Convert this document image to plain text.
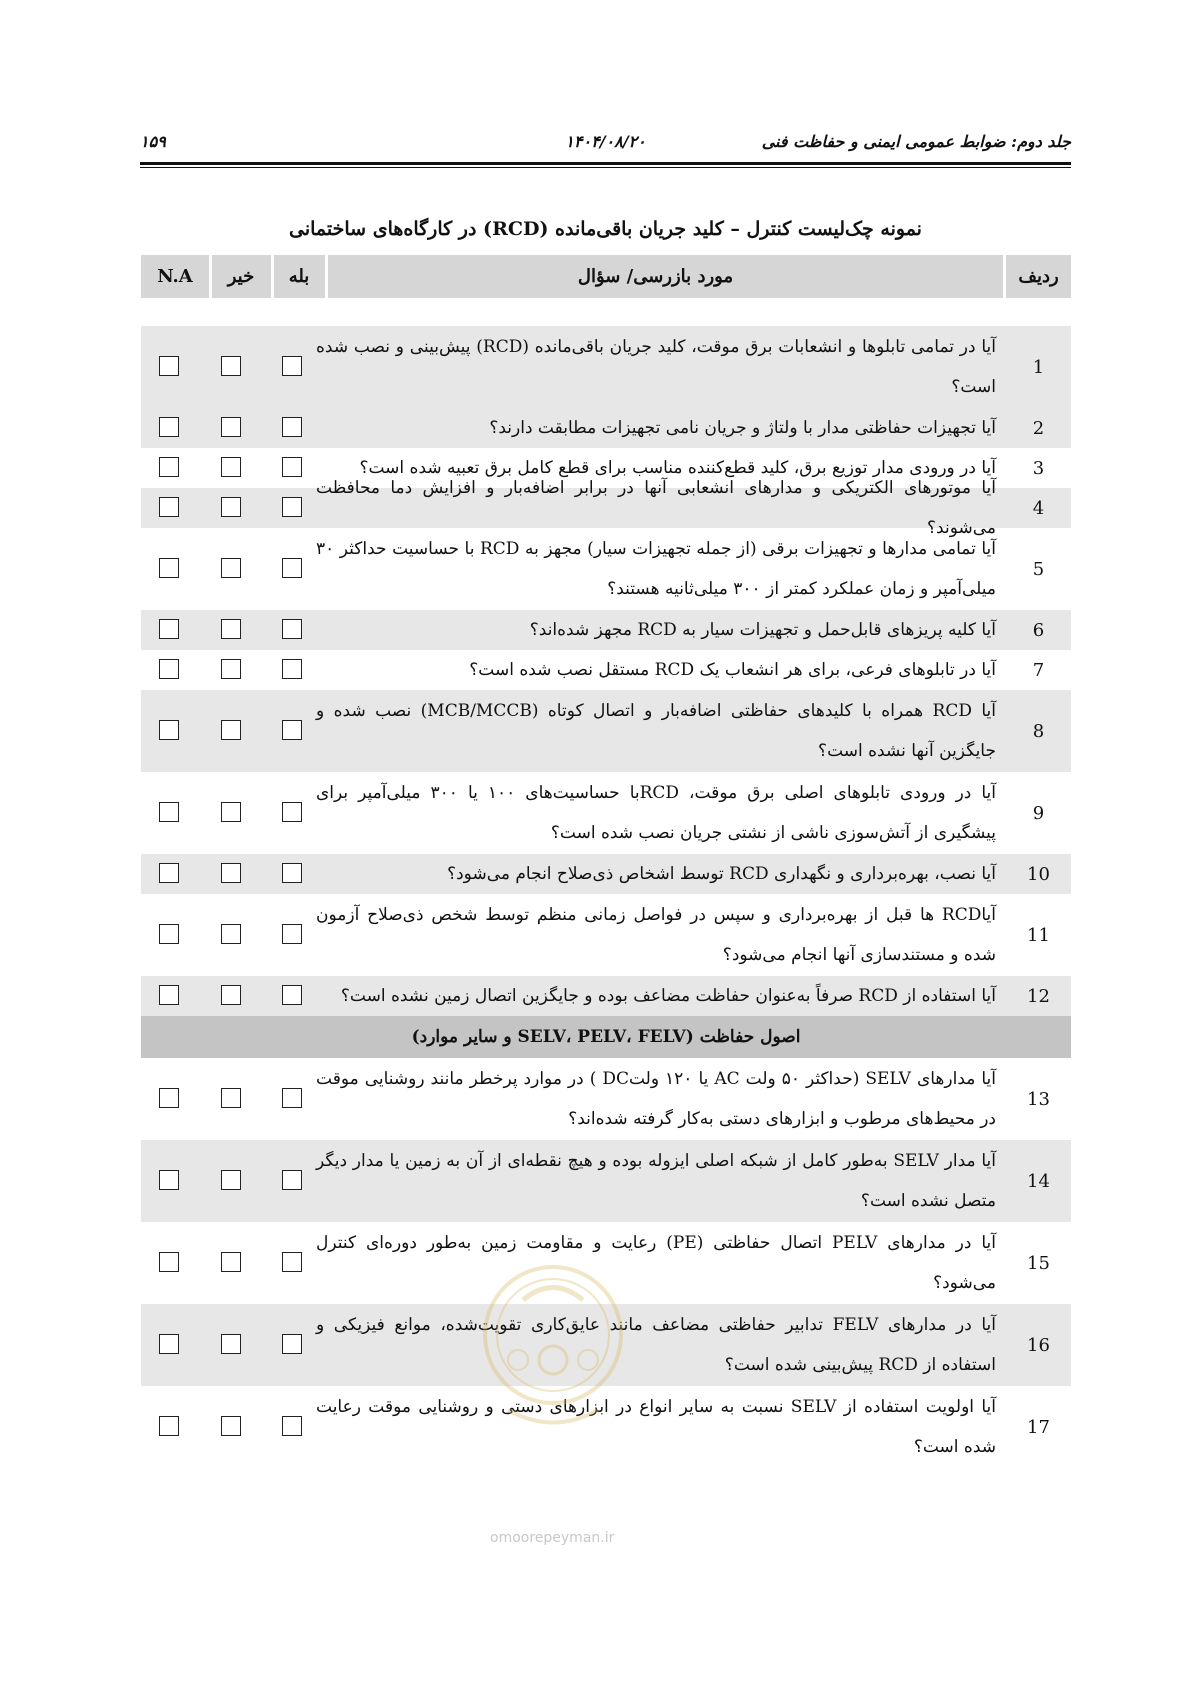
جلد دوم: ضوابط عمومی ایمنی و حفاظت فنی
۱۴۰۴/۰۸/۲۰
۱۵۹
نمونه چک‌لیست کنترل – کلید جریان باقی‌مانده (RCD) در کارگاه‌های ساختمانی
ردیف
مورد بازرسی/ سؤال
بله
خیر
N.A
1
آیا در تمامی تابلوها و انشعابات برق موقت، کلید جریان باقی‌مانده (RCD) پیش‌بینی و نصب شده است؟
2
آیا تجهیزات حفاظتی مدار با ولتاژ و جریان نامی تجهیزات مطابقت دارند؟
3
آیا در ورودی مدار توزیع برق، کلید قطع‌کننده مناسب برای قطع کامل برق تعبیه شده است؟
4
آیا موتورهای الکتریکی و مدارهای انشعابی آنها در برابر اضافه‌بار و افزایش دما محافظت می‌شوند؟
5
آیا تمامی مدارها و تجهیزات برقی (از جمله تجهیزات سیار) مجهز به RCD با حساسیت حداکثر ۳۰ میلی‌آمپر و زمان عملکرد کمتر از ۳۰۰ میلی‌ثانیه هستند؟
6
آیا کلیه پریزهای قابل‌حمل و تجهیزات سیار به RCD مجهز شده‌اند؟
7
آیا در تابلوهای فرعی، برای هر انشعاب یک RCD مستقل نصب شده است؟
8
آیا RCD همراه با کلیدهای حفاظتی اضافه‌بار و اتصال کوتاه (MCB/MCCB) نصب شده و جایگزین آنها نشده است؟
9
آیا در ورودی تابلوهای اصلی برق موقت، RCDبا حساسیت‌های ۱۰۰ یا ۳۰۰ میلی‌آمپر برای پیشگیری از آتش‌سوزی ناشی از نشتی جریان نصب شده است؟
10
آیا نصب، بهره‌برداری و نگهداری RCD توسط اشخاص ذی‌صلاح انجام می‌شود؟
11
آیاRCD ها قبل از بهره‌برداری و سپس در فواصل زمانی منظم توسط شخص ذی‌صلاح آزمون شده و مستندسازی آنها انجام می‌شود؟
12
آیا استفاده از RCD صرفاً به‌عنوان حفاظت مضاعف بوده و جایگزین اتصال زمین نشده است؟
اصول حفاظت (SELV، PELV، FELV و سایر موارد)
13
آیا مدارهای SELV (حداکثر ۵۰ ولت AC یا ۱۲۰ ولتDC ) در موارد پرخطر مانند روشنایی موقت در محیط‌های مرطوب و ابزارهای دستی به‌کار گرفته شده‌اند؟
14
آیا مدار SELV به‌طور کامل از شبکه اصلی ایزوله بوده و هیچ نقطه‌ای از آن به زمین یا مدار دیگر متصل نشده است؟
15
آیا در مدارهای PELV اتصال حفاظتی (PE) رعایت و مقاومت زمین به‌طور دوره‌ای کنترل می‌شود؟
16
آیا در مدارهای FELV تدابیر حفاظتی مضاعف مانند عایق‌کاری تقویت‌شده، موانع فیزیکی و استفاده از RCD پیش‌بینی شده است؟
17
آیا اولویت استفاده از SELV نسبت به سایر انواع در ابزارهای دستی و روشنایی موقت رعایت شده است؟
omoorepeyman.ir
